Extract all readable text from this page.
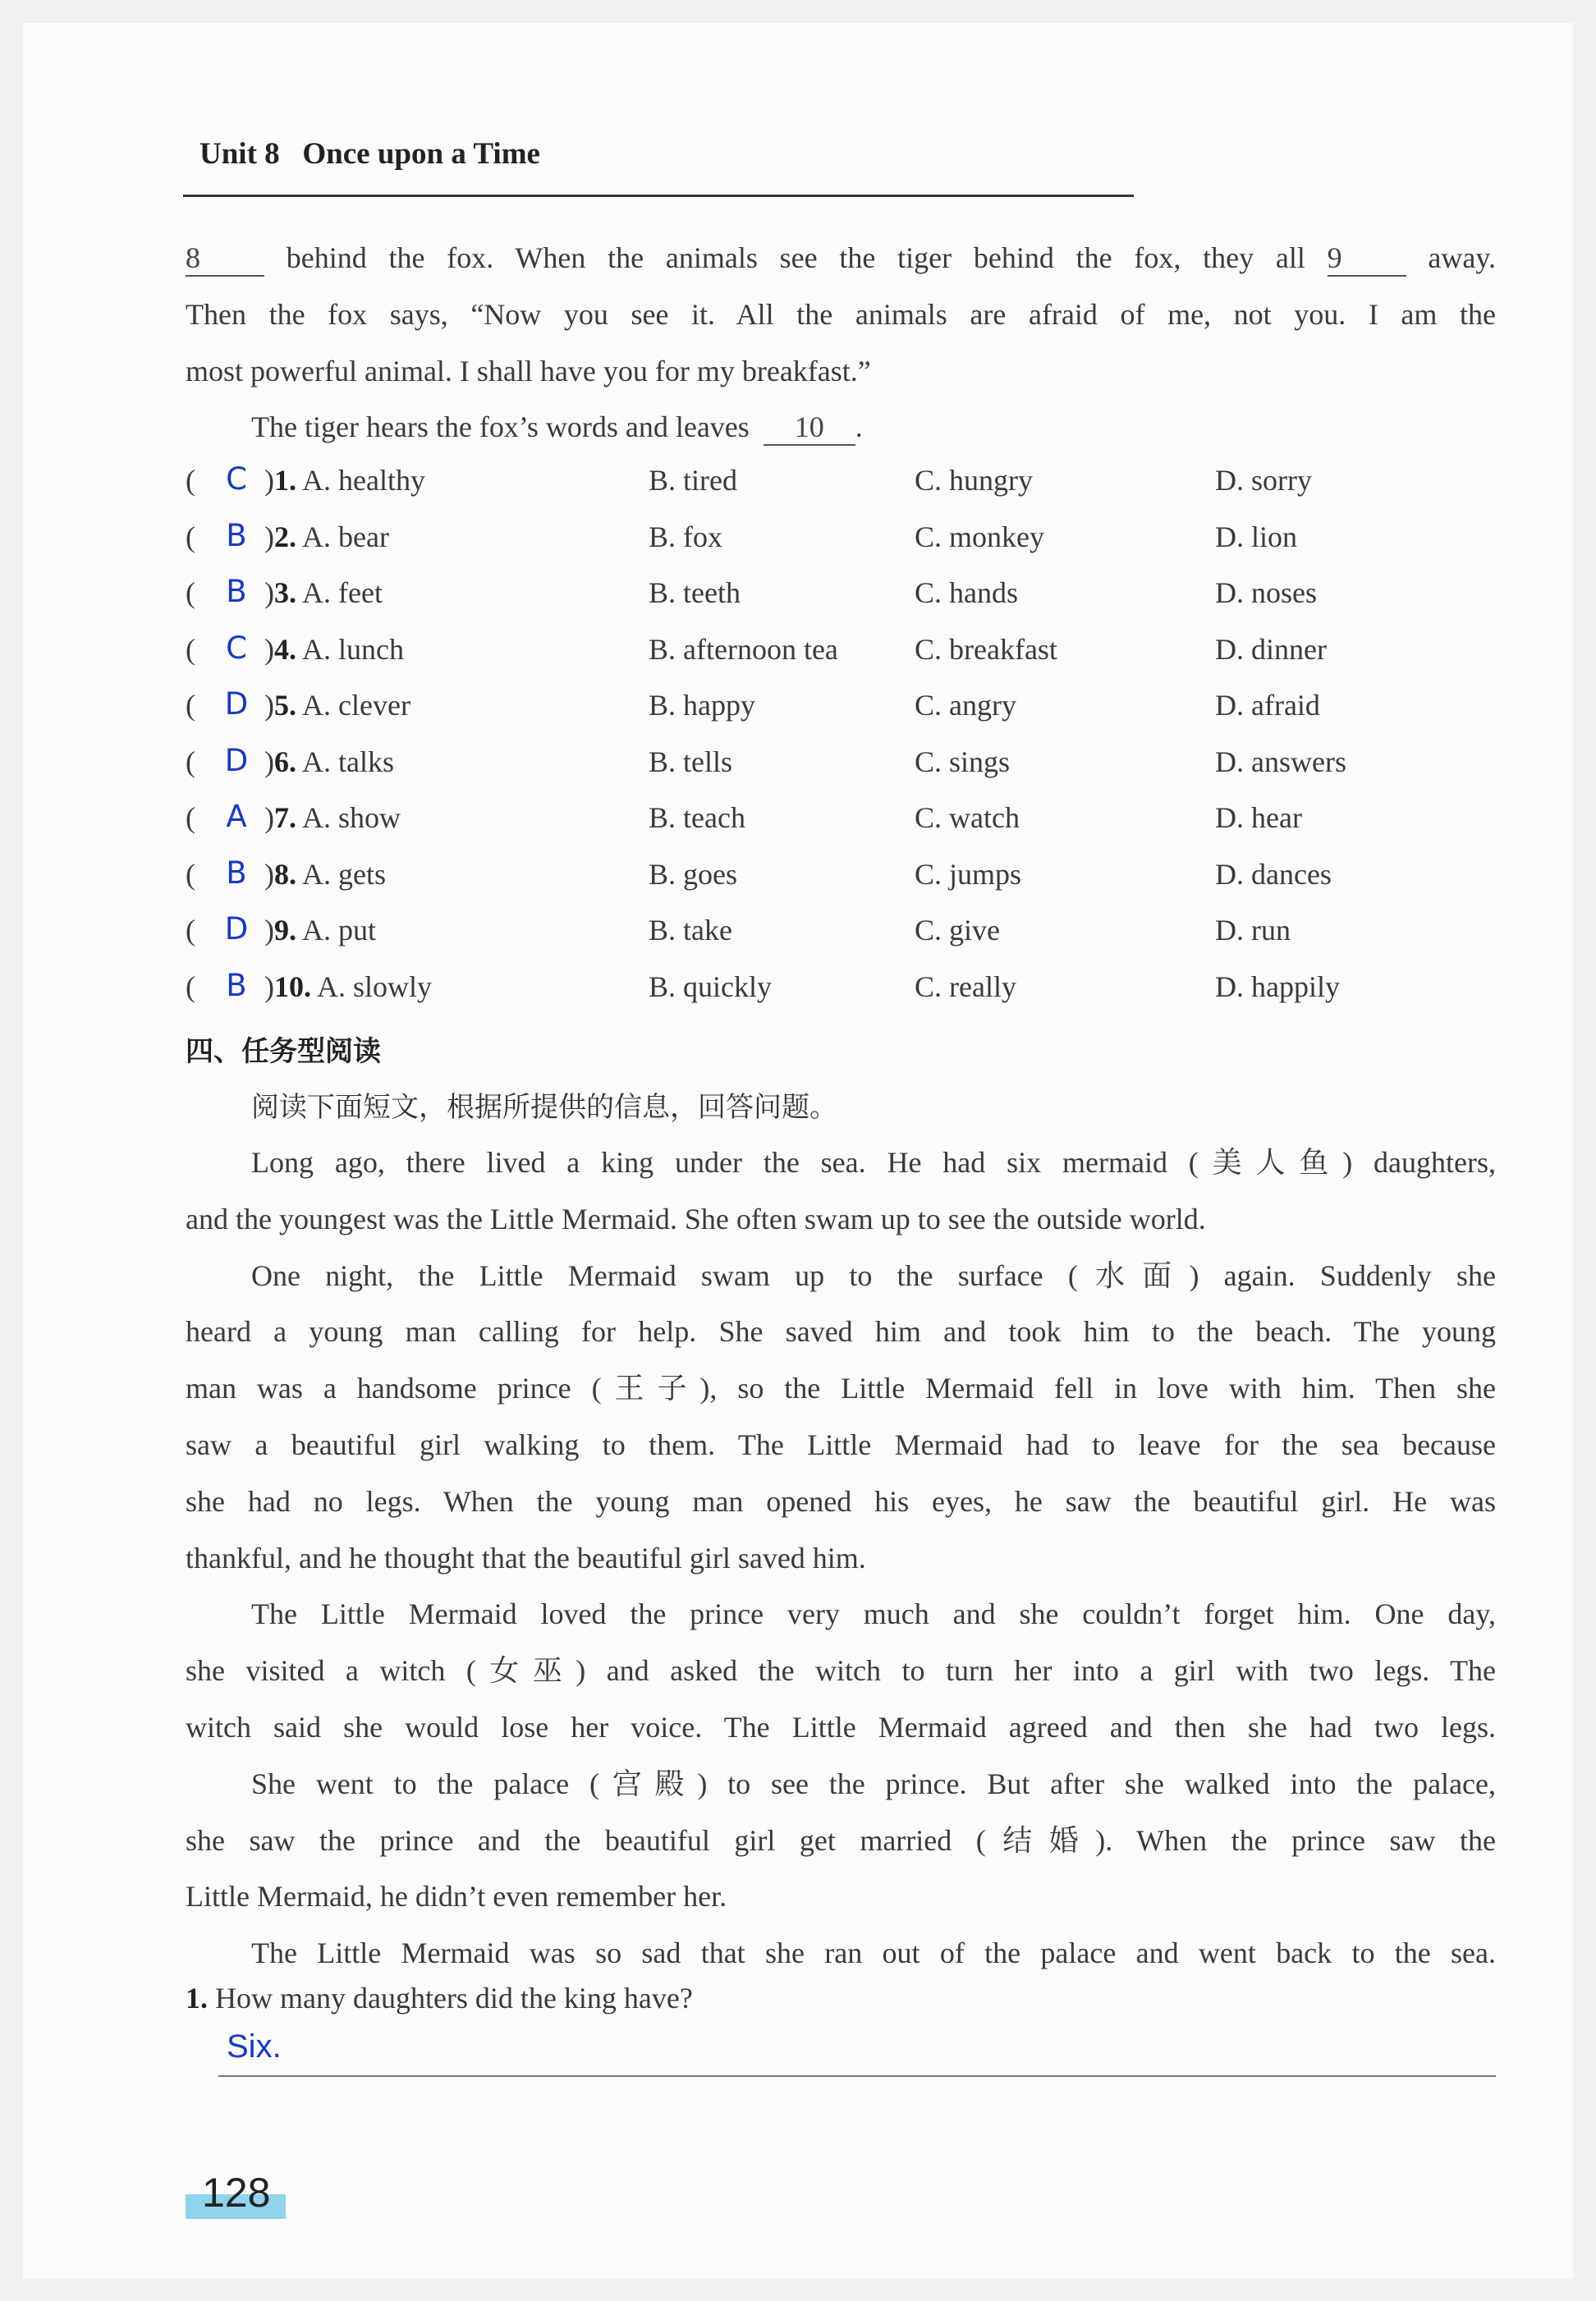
Unit 8  Once upon a Time
8	behind the fox. When the animals see the tiger behind the fox, they all 9	away.
Then the fox says, “Now you see it. All the animals are afraid of me, not you. I am the
most powerful animal. I shall have you for my breakfast.”
The tiger hears the fox’s words and leaves 10 .
( C )1. A. healthy	B. tired	C. hungry	D. sorry
( B )2. A. bear	B. fox	C. monkey	D. lion
( B )3. A. feet	B. teeth	C. hands	D. noses
( C )4. A. lunch	B. afternoon tea	C. breakfast	D. dinner
( D )5. A. clever	B. happy	C. angry	D. afraid
( D )6. A. talks	B. tells	C. sings	D. answers
( A )7. A. show	B. teach	C. watch	D. hear
( B )8. A. gets	B. goes	C. jumps	D. dances
( D )9. A. put	B. take	C. give	D. run
( B )10. A. slowly	B. quickly	C. really	D. happily
四、任务型阅读
阅读下面短文，根据所提供的信息，回答问题。
Long ago, there lived a king under the sea. He had six mermaid (美人鱼) daughters,
and the youngest was the Little Mermaid. She often swam up to see the outside world.
One night, the Little Mermaid swam up to the surface (水面) again. Suddenly she
heard a young man calling for help. She saved him and took him to the beach. The young
man was a handsome prince (王子), so the Little Mermaid fell in love with him. Then she
saw a beautiful girl walking to them. The Little Mermaid had to leave for the sea because
she had no legs. When the young man opened his eyes, he saw the beautiful girl. He was
thankful, and he thought that the beautiful girl saved him.
The Little Mermaid loved the prince very much and she couldn’t forget him. One day,
she visited a witch (女巫) and asked the witch to turn her into a girl with two legs. The
witch said she would lose her voice. The Little Mermaid agreed and then she had two legs.
She went to the palace (宫殿) to see the prince. But after she walked into the palace,
she saw the prince and the beautiful girl get married (结婚). When the prince saw the
Little Mermaid, he didn’t even remember her.
The Little Mermaid was so sad that she ran out of the palace and went back to the sea.
1. How many daughters did the king have?
Six.
128
